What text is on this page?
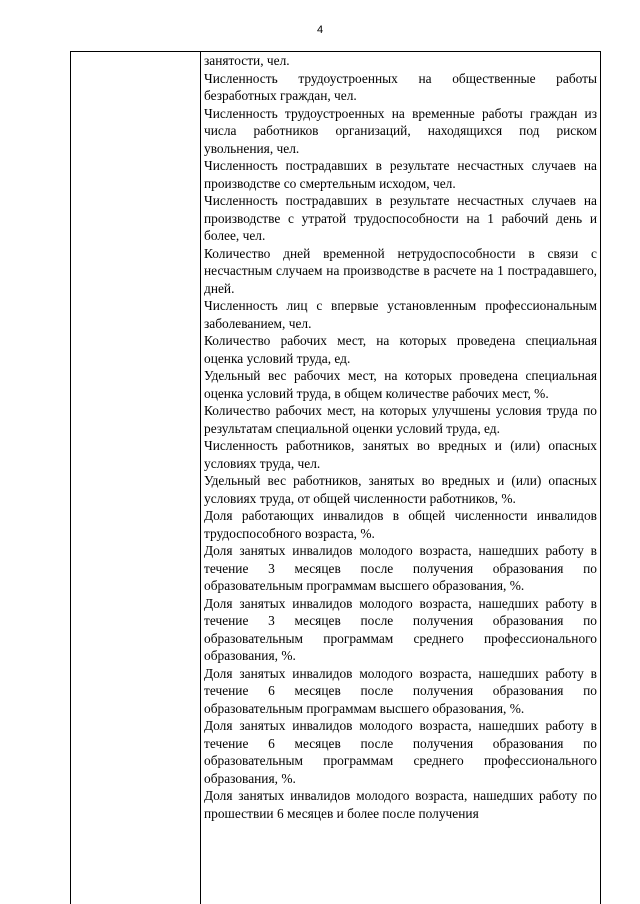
4

занятости, чел.

Численность трудоустроенных на общественные работы безработных граждан, чел.

Численность трудоустроенных на временные работы граждан из числа работников организаций, находящихся под риском увольнения, чел.

Численность пострадавших в результате несчастных случаев на производстве со смертельным исходом, чел.

Численность пострадавших в результате несчастных случаев на производстве с утратой трудоспособности на 1 рабочий день и более, чел.

Количество дней временной нетрудоспособности в связи с несчастным случаем на производстве в расчете на 1 пострадавшего, дней.

Численность лиц с впервые установленным профессиональным заболеванием, чел.

Количество рабочих мест, на которых проведена специальная оценка условий труда, ед.

Удельный вес рабочих мест, на которых проведена специальная оценка условий труда, в общем количестве рабочих мест, %.

Количество рабочих мест, на которых улучшены условия труда по результатам специальной оценки условий труда, ед.

Численность работников, занятых во вредных и (или) опасных условиях труда, чел.

Удельный вес работников, занятых во вредных и (или) опасных условиях труда, от общей численности работников, %.

Доля работающих инвалидов в общей численности инвалидов трудоспособного возраста, %.

Доля занятых инвалидов молодого возраста, нашедших работу в течение 3 месяцев после получения образования по образовательным программам высшего образования, %.

Доля занятых инвалидов молодого возраста, нашедших работу в течение 3 месяцев после получения образования по образовательным программам среднего профессионального образования, %.

Доля занятых инвалидов молодого возраста, нашедших работу в течение 6 месяцев после получения образования по образовательным программам высшего образования, %.

Доля занятых инвалидов молодого возраста, нашедших работу в течение 6 месяцев после получения образования по образовательным программам среднего профессионального образования, %.

Доля занятых инвалидов молодого возраста, нашедших работу по прошествии 6 месяцев и более после получения
